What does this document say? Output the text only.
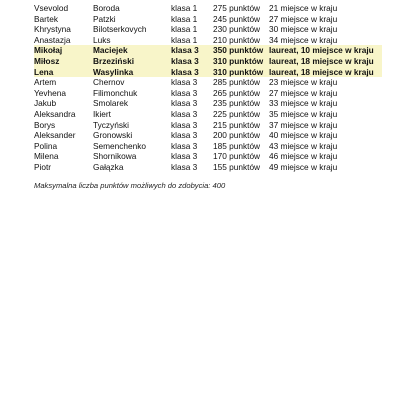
Vsevolod	Boroda	klasa 1	275 punktów	21 miejsce w kraju
Bartek	Patzki	klasa 1	245 punktów	27 miejsce w kraju
Khrystyna	Bilotserkovych	klasa 1	230 punktów	30 miejsce w kraju
Anastazja	Luks	klasa 1	210 punktów	34 miejsce w kraju
Mikołaj	Maciejek	klasa 3	350 punktów	laureat, 10 miejsce w kraju
Miłosz	Brzeziński	klasa 3	310 punktów	laureat, 18 miejsce w kraju
Lena	Wasylinka	klasa 3	310 punktów	laureat, 18 miejsce w kraju
Artem	Chernov	klasa 3	285 punktów	23 miejsce w kraju
Yevhena	Filimonchuk	klasa 3	265 punktów	27 miejsce w kraju
Jakub	Smolarek	klasa 3	235 punktów	33 miejsce w kraju
Aleksandra	Ikiert	klasa 3	225 punktów	35 miejsce w kraju
Borys	Tyczyński	klasa 3	215 punktów	37 miejsce w kraju
Aleksander	Gronowski	klasa 3	200 punktów	40 miejsce w kraju
Polina	Semenchenko	klasa 3	185 punktów	43 miejsce w kraju
Milena	Shornikowa	klasa 3	170 punktów	46 miejsce w kraju
Piotr	Gałązka	klasa 3	155 punktów	49 miejsce w kraju
Maksymalna liczba punktów możliwych do zdobycia: 400
